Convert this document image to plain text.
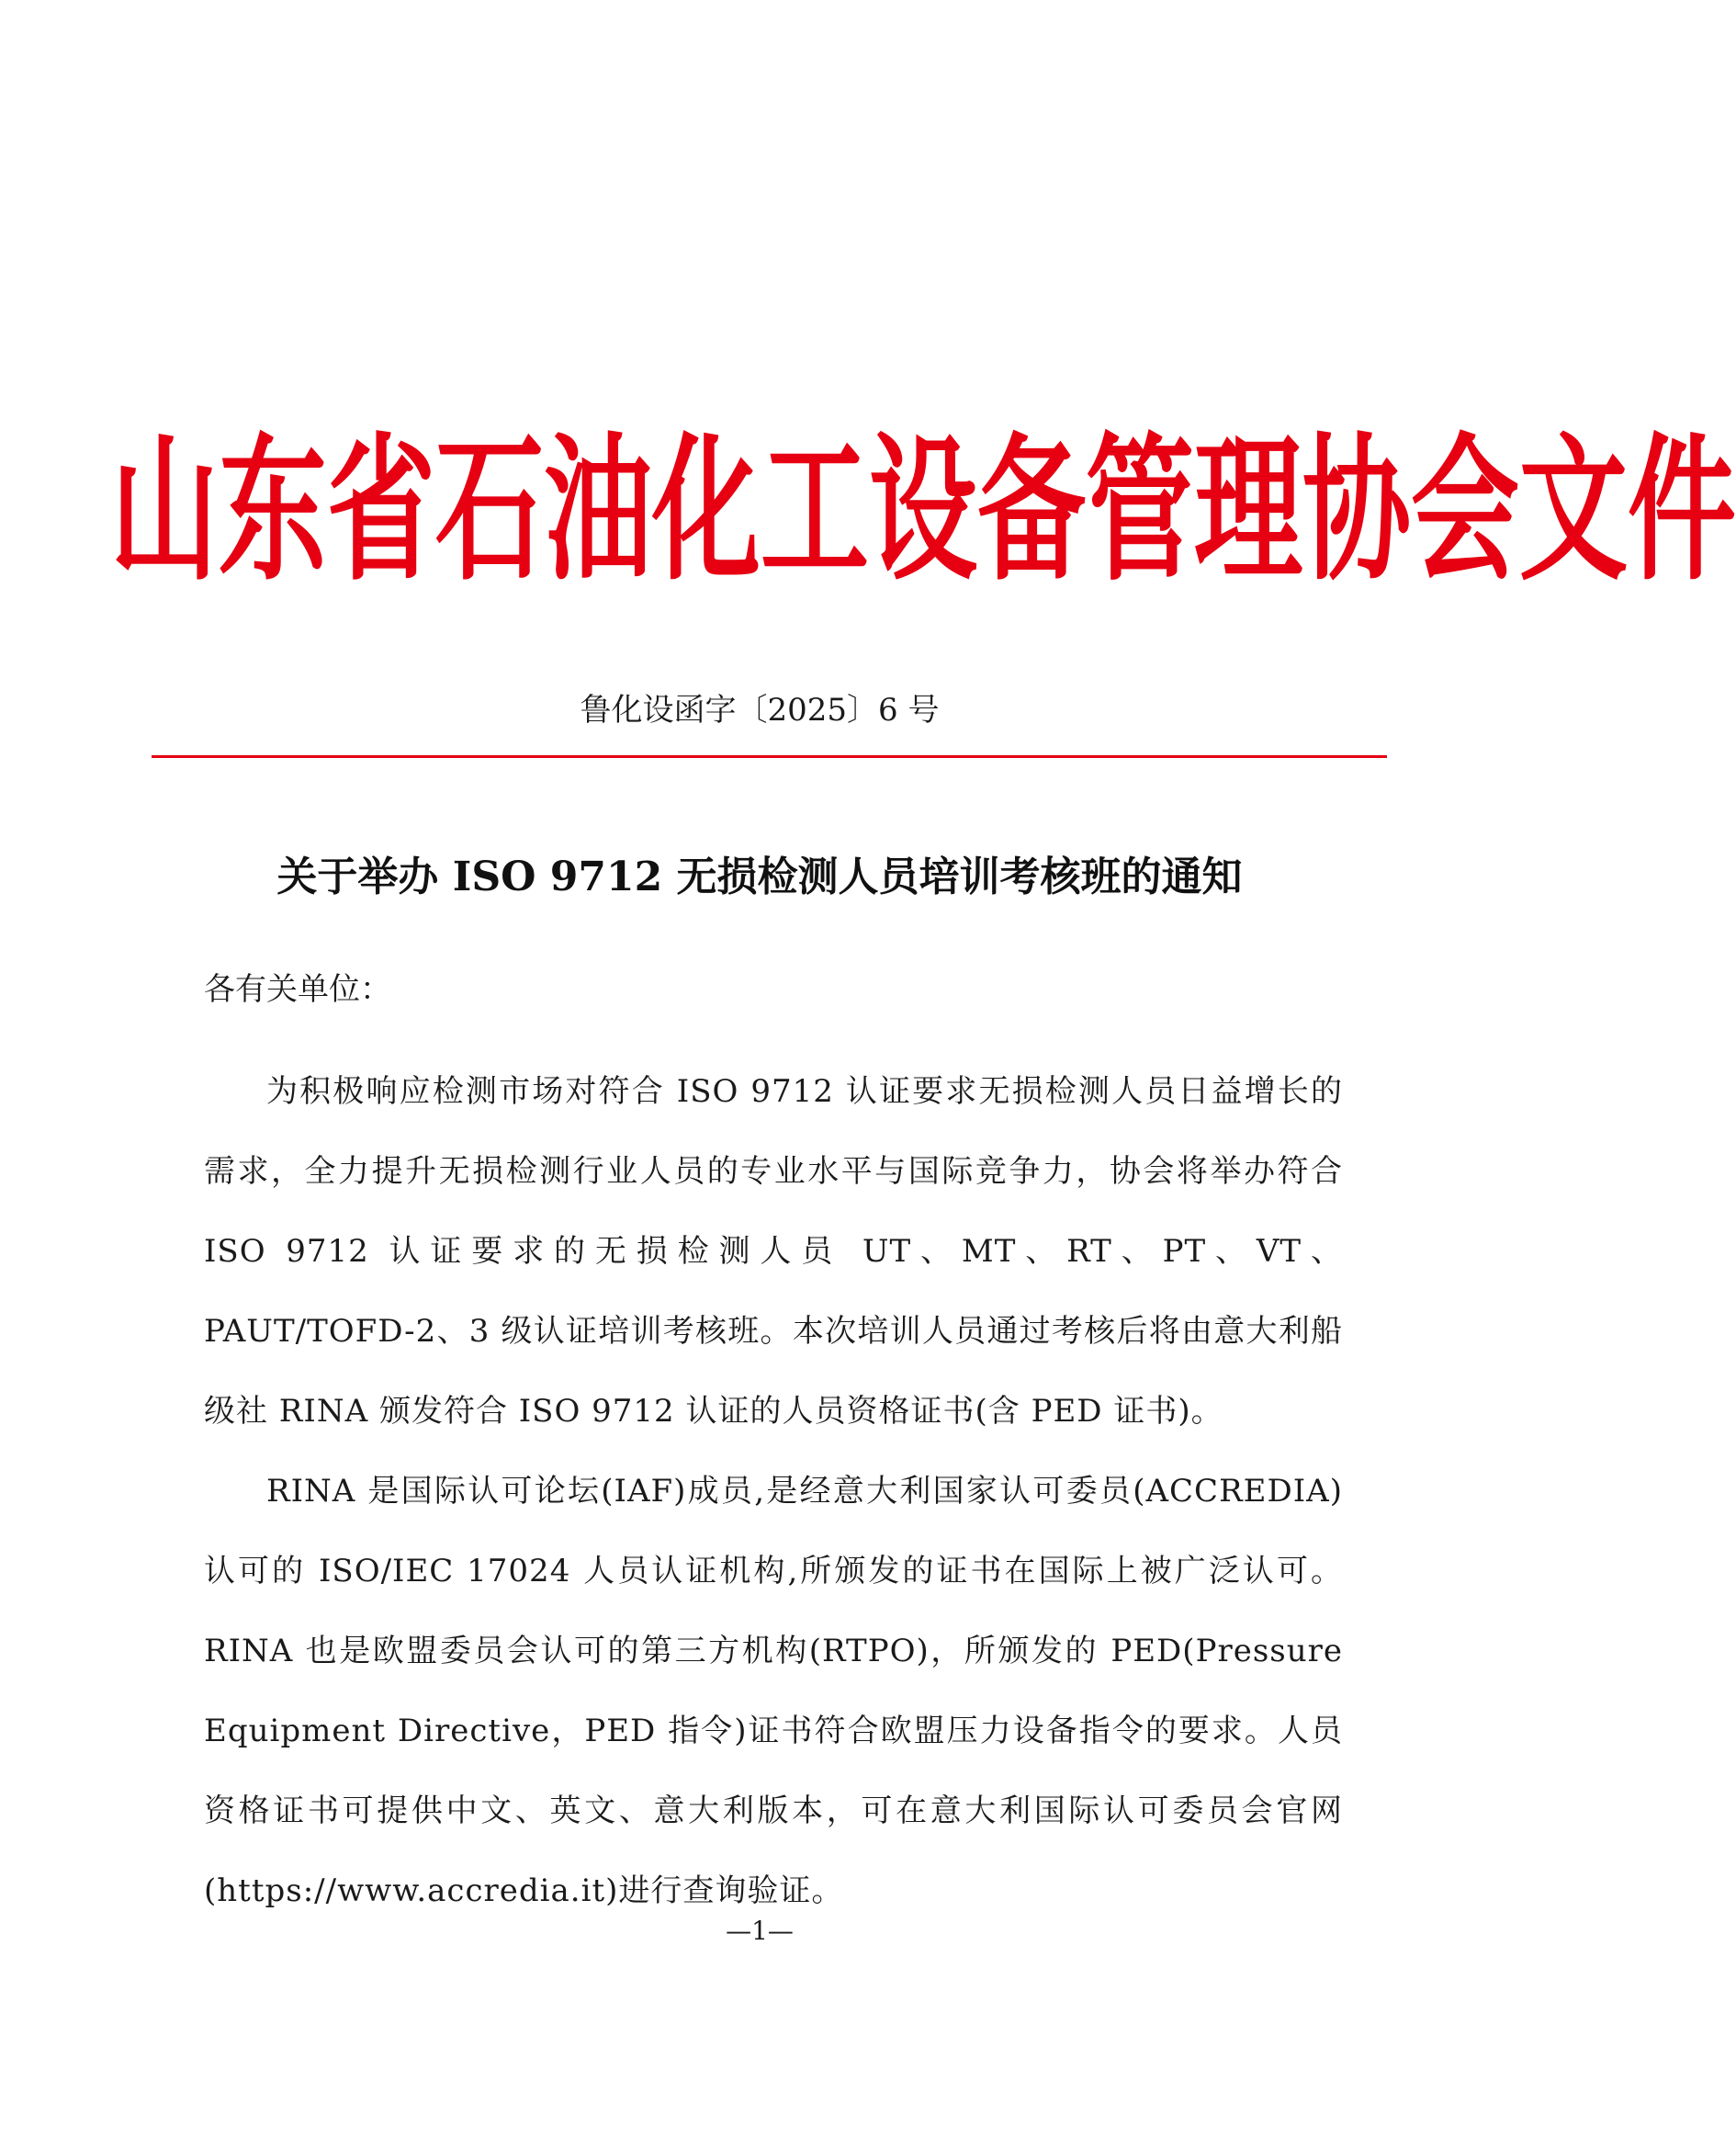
山东省石油化工设备管理协会文件
鲁化设函字〔2025〕6 号
关于举办 ISO 9712 无损检测人员培训考核班的通知
各有关单位：

为积极响应检测市场对符合 ISO 9712 认证要求无损检测人员日益增长的需求，全力提升无损检测行业人员的专业水平与国际竞争力，协会将举办符合 ISO 9712 认证要求的无损检测人员 UT、MT、RT、PT、VT、PAUT/TOFD-2、3 级认证培训考核班。本次培训人员通过考核后将由意大利船级社 RINA 颁发符合 ISO 9712 认证的人员资格证书(含 PED 证书)。

RINA 是国际认可论坛(IAF)成员,是经意大利国家认可委员(ACCREDIA)认可的 ISO/IEC 17024 人员认证机构,所颁发的证书在国际上被广泛认可。RINA 也是欧盟委员会认可的第三方机构(RTPO)，所颁发的 PED(Pressure Equipment Directive，PED 指令)证书符合欧盟压力设备指令的要求。人员资格证书可提供中文、英文、意大利版本，可在意大利国际认可委员会官网(https://www.accredia.it)进行查询验证。

—1—
